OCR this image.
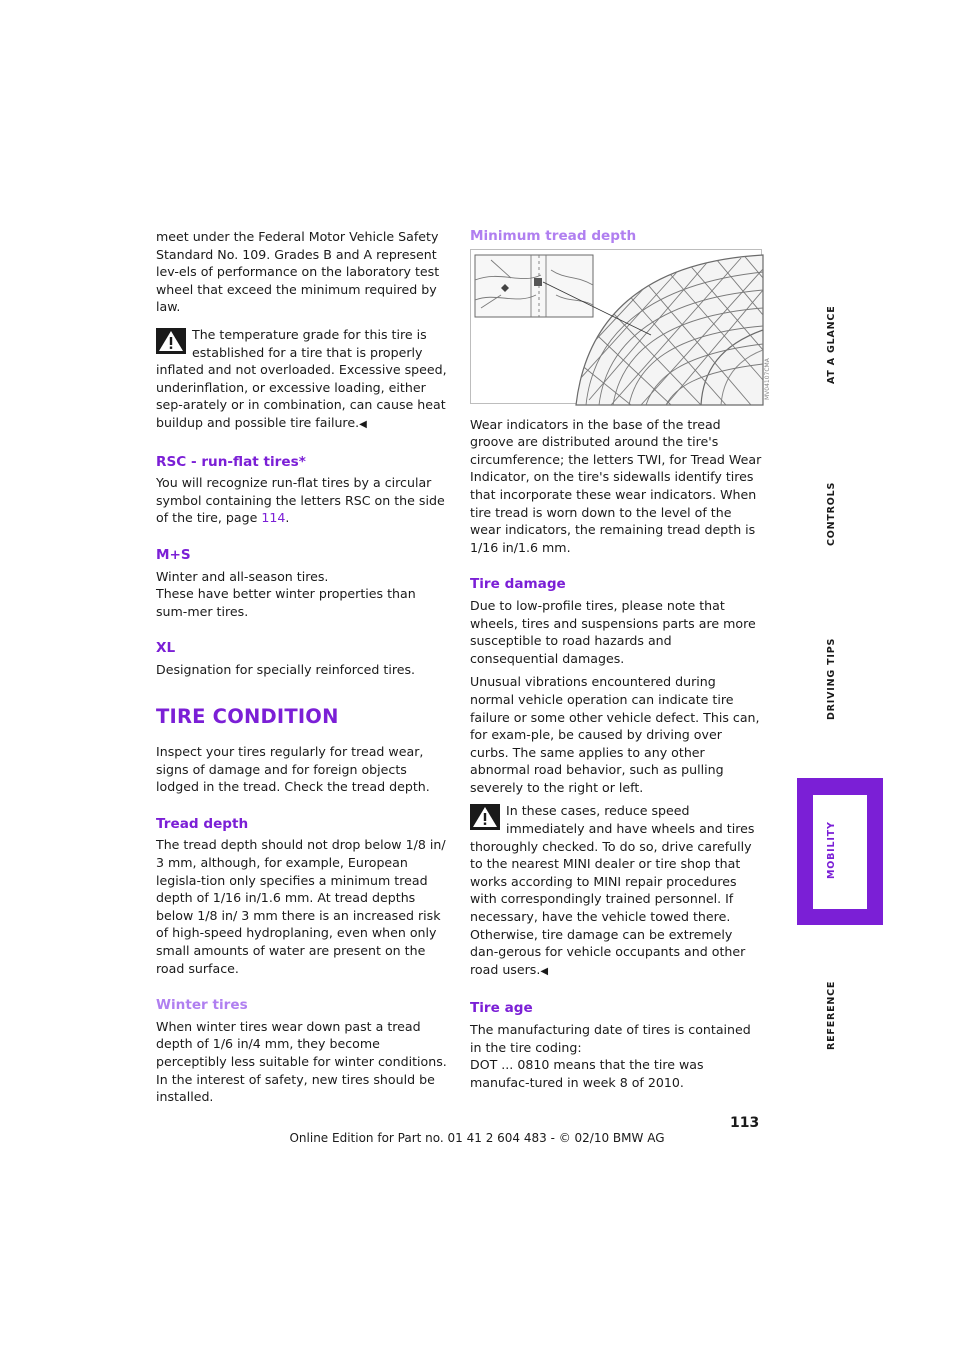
meet under the Federal Motor Vehicle Safety Standard No. 109. Grades B and A represent lev-els of performance on the laboratory test wheel that exceed the minimum required by law.

The temperature grade for this tire is established for a tire that is properly inflated and not overloaded. Excessive speed, underinflation, or excessive loading, either sep-arately or in combination, can cause heat buildup and possible tire failure.◀

RSC - run-flat tires*

You will recognize run-flat tires by a circular symbol containing the letters RSC on the side of the tire, page 114.

M+S
Winter and all-season tires.

These have better winter properties than sum-mer tires.

XL

Designation for specially reinforced tires.

TIRE CONDITION

Inspect your tires regularly for tread wear, signs of damage and for foreign objects lodged in the tread. Check the tread depth.

Tread depth

The tread depth should not drop below 1/8 in/ 3 mm, although, for example, European legisla-tion only specifies a minimum tread depth of 1/16 in/1.6 mm. At tread depths below 1/8 in/ 3 mm there is an increased risk of high-speed hydroplaning, even when only small amounts of water are present on the road surface.

Winter tires

When winter tires wear down past a tread depth of 1/6 in/4 mm, they become perceptibly less suitable for winter conditions. In the interest of safety, new tires should be installed.

Minimum tread depth
MV04107CMA

Wear indicators in the base of the tread groove are distributed around the tire's circumference; the letters TWI, for Tread Wear Indicator, on the tire's sidewalls identify tires that incorporate these wear indicators. When tire tread is worn down to the level of the wear indicators, the remaining tread depth is 1/16 in/1.6 mm.

Tire damage

Due to low-profile tires, please note that wheels, tires and suspensions parts are more susceptible to road hazards and consequential damages.

Unusual vibrations encountered during normal vehicle operation can indicate tire failure or some other vehicle defect. This can, for exam-ple, be caused by driving over curbs. The same applies to any other abnormal road behavior, such as pulling severely to the right or left.

In these cases, reduce speed immediately and have wheels and tires thoroughly checked. To do so, drive carefully to the nearest MINI dealer or tire shop that works according to MINI repair procedures with correspondingly trained personnel. If necessary, have the vehicle towed there.

Otherwise, tire damage can be extremely dan-gerous for vehicle occupants and other road users.◀

Tire age
The manufacturing date of tires is contained in the tire coding:

DOT ... 0810 means that the tire was manufac-tured in week 8 of 2010.

AT A GLANCE
CONTROLS
DRIVING TIPS
MOBILITY
REFERENCE
113
Online Edition for Part no. 01 41 2 604 483 - © 02/10 BMW AG
